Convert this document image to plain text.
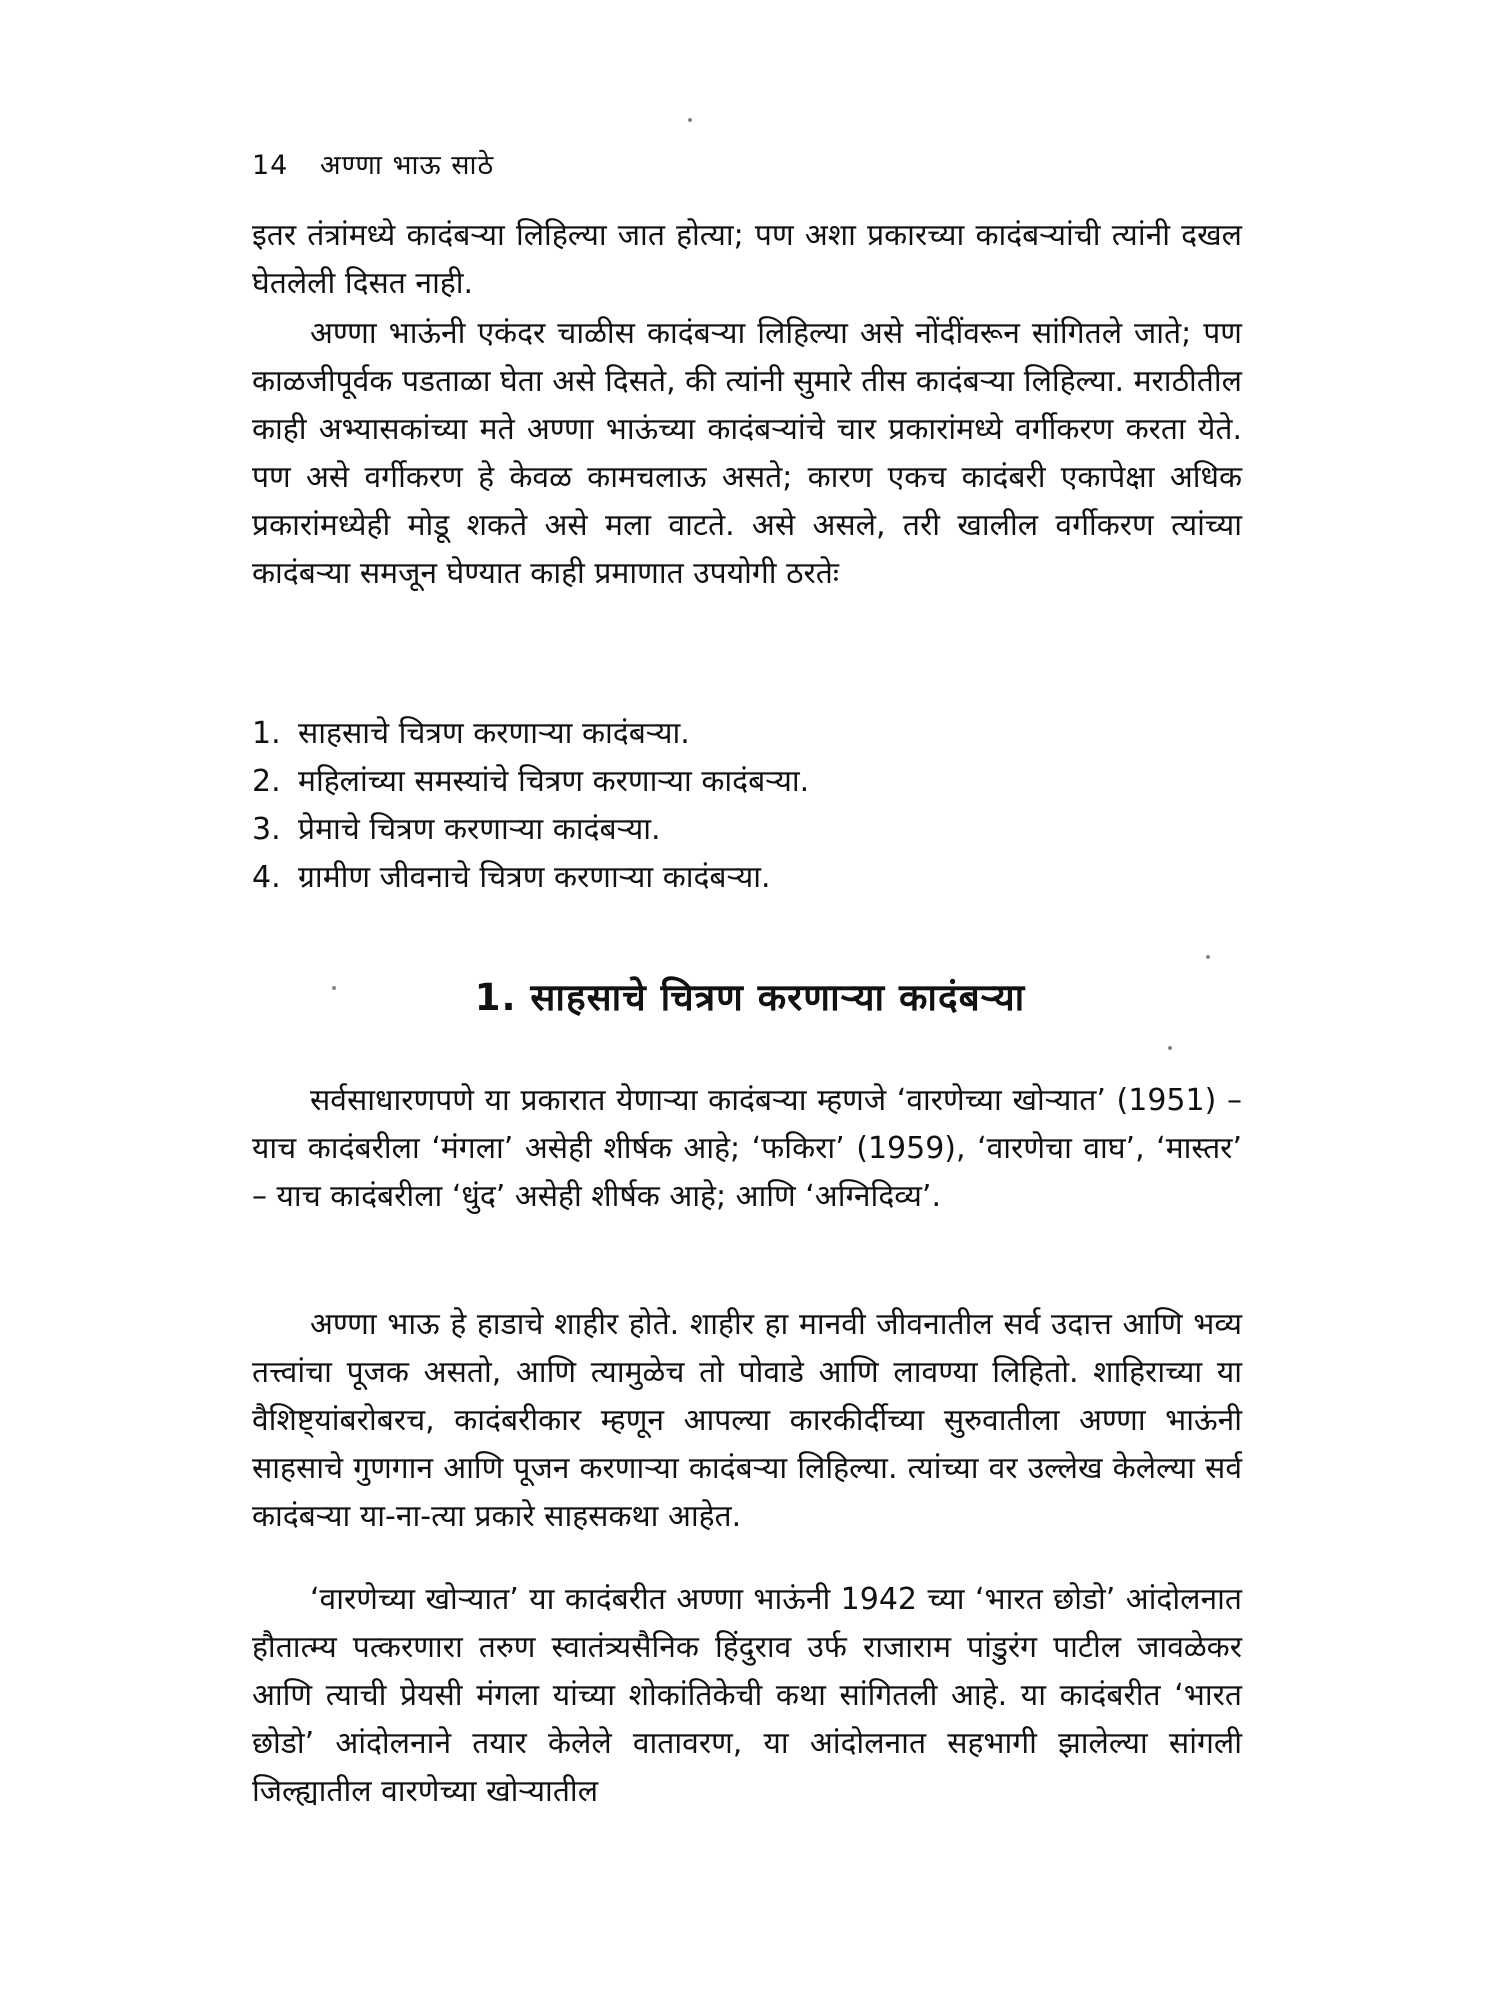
14 अण्णा भाऊ साठे

इतर तंत्रांमध्ये कादंबऱ्या लिहिल्या जात होत्या; पण अशा प्रकारच्या कादंबऱ्यांची त्यांनी दखल घेतलेली दिसत नाही.

अण्णा भाऊंनी एकंदर चाळीस कादंबऱ्या लिहिल्या असे नोंदींवरून सांगितले जाते; पण काळजीपूर्वक पडताळा घेता असे दिसते, की त्यांनी सुमारे तीस कादंबऱ्या लिहिल्या. मराठीतील काही अभ्यासकांच्या मते अण्णा भाऊंच्या कादंबऱ्यांचे चार प्रकारांमध्ये वर्गीकरण करता येते. पण असे वर्गीकरण हे केवळ कामचलाऊ असते; कारण एकच कादंबरी एकापेक्षा अधिक प्रकारांमध्येही मोडू शकते असे मला वाटते. असे असले, तरी खालील वर्गीकरण त्यांच्या कादंबऱ्या समजून घेण्यात काही प्रमाणात उपयोगी ठरतेः

1. साहसाचे चित्रण करणाऱ्या कादंबऱ्या.
2. महिलांच्या समस्यांचे चित्रण करणाऱ्या कादंबऱ्या.
3. प्रेमाचे चित्रण करणाऱ्या कादंबऱ्या.
4. ग्रामीण जीवनाचे चित्रण करणाऱ्या कादंबऱ्या.
1. साहसाचे चित्रण करणाऱ्या कादंबऱ्या

सर्वसाधारणपणे या प्रकारात येणाऱ्या कादंबऱ्या म्हणजे ‘वारणेच्या खोऱ्यात’ (1951) – याच कादंबरीला ‘मंगला’ असेही शीर्षक आहे; ‘फकिरा’ (1959), ‘वारणेचा वाघ’, ‘मास्तर’ – याच कादंबरीला ‘धुंद’ असेही शीर्षक आहे; आणि ‘अग्निदिव्य’.

अण्णा भाऊ हे हाडाचे शाहीर होते. शाहीर हा मानवी जीवनातील सर्व उदात्त आणि भव्य तत्त्वांचा पूजक असतो, आणि त्यामुळेच तो पोवाडे आणि लावण्या लिहितो. शाहिराच्या या वैशिष्ट्यांबरोबरच, कादंबरीकार म्हणून आपल्या कारकीर्दीच्या सुरुवातीला अण्णा भाऊंनी साहसाचे गुणगान आणि पूजन करणाऱ्या कादंबऱ्या लिहिल्या. त्यांच्या वर उल्लेख केलेल्या सर्व कादंबऱ्या या-ना-त्या प्रकारे साहसकथा आहेत.

‘वारणेच्या खोऱ्यात’ या कादंबरीत अण्णा भाऊंनी 1942 च्या ‘भारत छोडो’ आंदोलनात हौतात्म्य पत्करणारा तरुण स्वातंत्र्यसैनिक हिंदुराव उर्फ राजाराम पांडुरंग पाटील जावळेकर आणि त्याची प्रेयसी मंगला यांच्या शोकांतिकेची कथा सांगितली आहे. या कादंबरीत ‘भारत छोडो’ आंदोलनाने तयार केलेले वातावरण, या आंदोलनात सहभागी झालेल्या सांगली जिल्ह्यातील वारणेच्या खोऱ्यातील
